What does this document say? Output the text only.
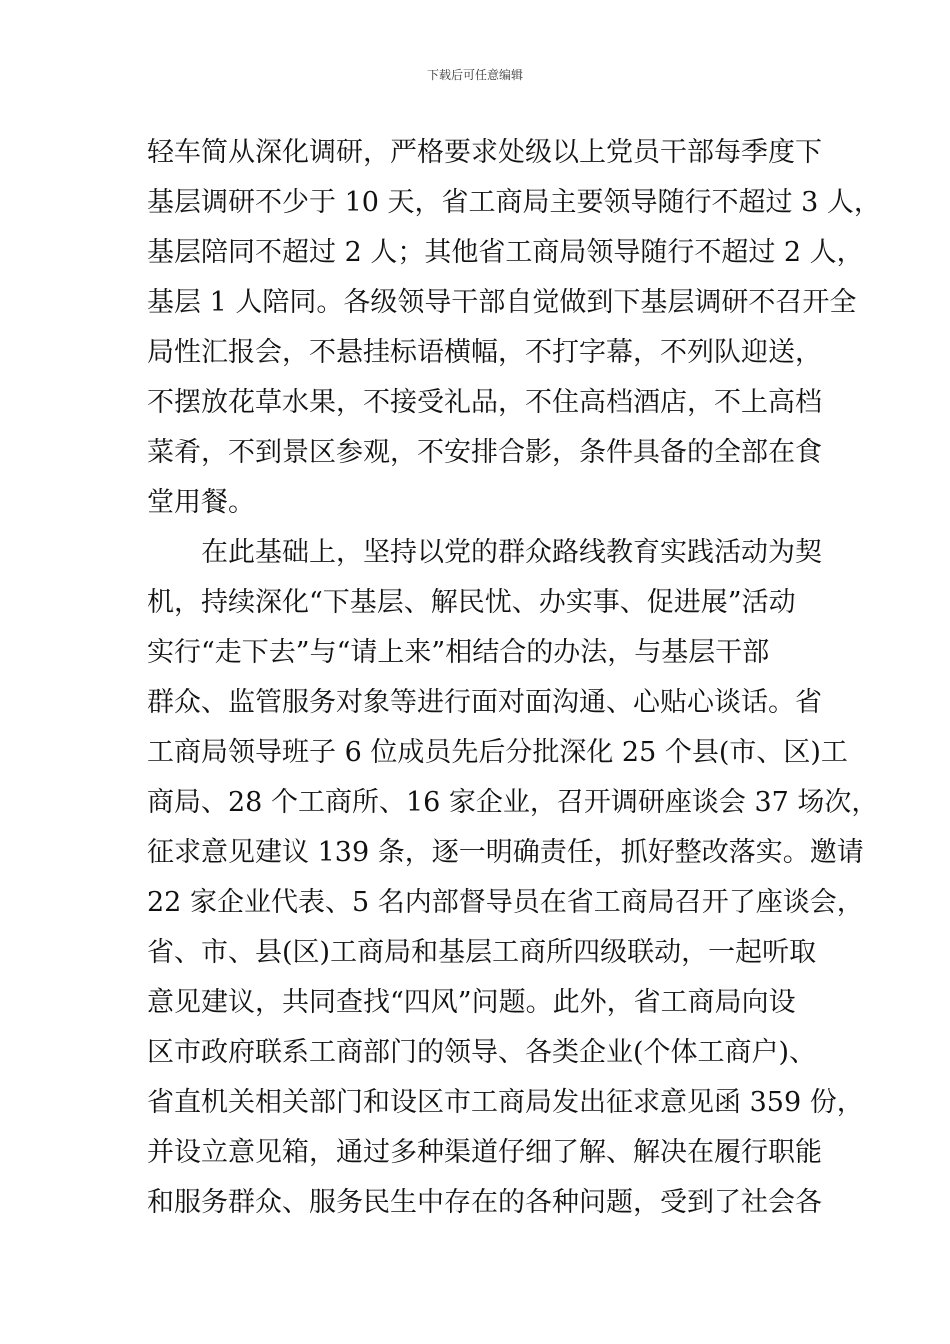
下载后可任意编辑
轻车简从深化调研，严格要求处级以上党员干部每季度下
基层调研不少于 10 天，省工商局主要领导随行不超过 3 人，
基层陪同不超过 2 人；其他省工商局领导随行不超过 2 人，
基层 1 人陪同。各级领导干部自觉做到下基层调研不召开全
局性汇报会，不悬挂标语横幅，不打字幕，不列队迎送，
不摆放花草水果，不接受礼品，不住高档酒店，不上高档
菜肴，不到景区参观，不安排合影，条件具备的全部在食
堂用餐。
在此基础上，坚持以党的群众路线教育实践活动为契
机，持续深化“下基层、解民忧、办实事、促进展”活动
实行“走下去”与“请上来”相结合的办法，与基层干部
群众、监管服务对象等进行面对面沟通、心贴心谈话。省
工商局领导班子 6 位成员先后分批深化 25 个县(市、区)工
商局、28 个工商所、16 家企业，召开调研座谈会 37 场次，
征求意见建议 139 条，逐一明确责任，抓好整改落实。邀请
22 家企业代表、5 名内部督导员在省工商局召开了座谈会，
省、市、县(区)工商局和基层工商所四级联动，一起听取
意见建议，共同查找“四风”问题。此外，省工商局向设
区市政府联系工商部门的领导、各类企业(个体工商户)、
省直机关相关部门和设区市工商局发出征求意见函 359 份，
并设立意见箱，通过多种渠道仔细了解、解决在履行职能
和服务群众、服务民生中存在的各种问题，受到了社会各
